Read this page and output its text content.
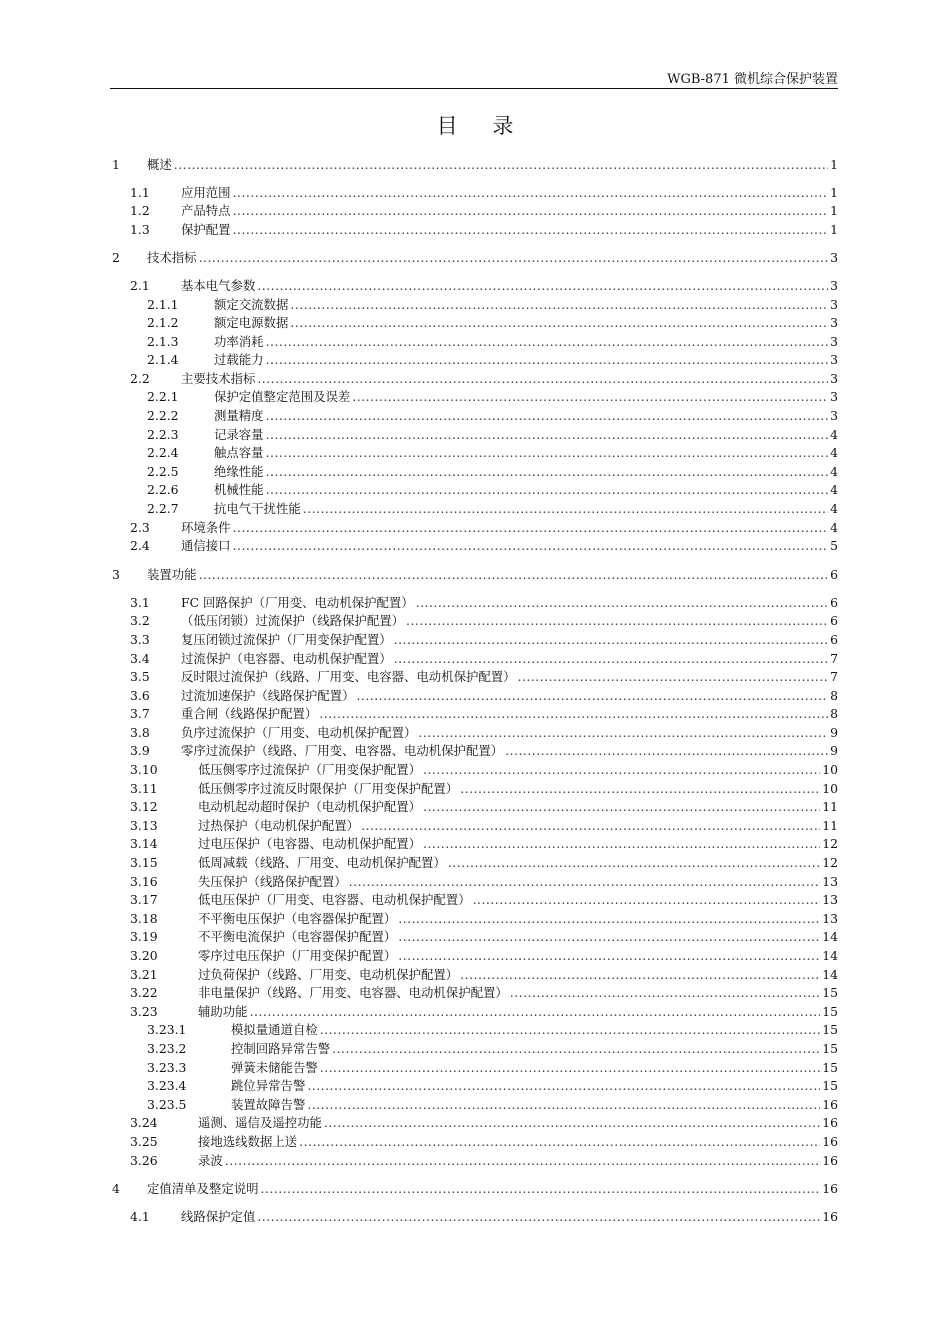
WGB-871 微机综合保护装置
目 录
1	概述 .....	1
1.1	应用范围 .....	1
1.2	产品特点 .....	1
1.3	保护配置 .....	1
2	技术指标 .....	3
2.1	基本电气参数 .....	3
2.1.1	额定交流数据 .....	3
2.1.2	额定电源数据 .....	3
2.1.3	功率消耗 .....	3
2.1.4	过载能力 .....	3
2.2	主要技术指标 .....	3
2.2.1	保护定值整定范围及误差 .....	3
2.2.2	测量精度 .....	3
2.2.3	记录容量 .....	4
2.2.4	触点容量 .....	4
2.2.5	绝缘性能 .....	4
2.2.6	机械性能 .....	4
2.2.7	抗电气干扰性能 .....	4
2.3	环境条件 .....	4
2.4	通信接口 .....	5
3	装置功能 .....	6
3.1	FC 回路保护（厂用变、电动机保护配置） .....	6
3.2	（低压闭锁）过流保护（线路保护配置） .....	6
3.3	复压闭锁过流保护（厂用变保护配置） .....	6
3.4	过流保护（电容器、电动机保护配置） .....	7
3.5	反时限过流保护（线路、厂用变、电容器、电动机保护配置） .....	7
3.6	过流加速保护（线路保护配置） .....	8
3.7	重合闸（线路保护配置） .....	8
3.8	负序过流保护（厂用变、电动机保护配置） .....	9
3.9	零序过流保护（线路、厂用变、电容器、电动机保护配置） .....	9
3.10	低压侧零序过流保护（厂用变保护配置） .....	10
3.11	低压侧零序过流反时限保护（厂用变保护配置） .....	10
3.12	电动机起动超时保护（电动机保护配置） .....	11
3.13	过热保护（电动机保护配置） .....	11
3.14	过电压保护（电容器、电动机保护配置） .....	12
3.15	低周减载（线路、厂用变、电动机保护配置） .....	12
3.16	失压保护（线路保护配置） .....	13
3.17	低电压保护（厂用变、电容器、电动机保护配置） .....	13
3.18	不平衡电压保护（电容器保护配置） .....	13
3.19	不平衡电流保护（电容器保护配置） .....	14
3.20	零序过电压保护（厂用变保护配置） .....	14
3.21	过负荷保护（线路、厂用变、电动机保护配置） .....	14
3.22	非电量保护（线路、厂用变、电容器、电动机保护配置） .....	15
3.23	辅助功能 .....	15
3.23.1	模拟量通道自检 .....	15
3.23.2	控制回路异常告警 .....	15
3.23.3	弹簧未储能告警 .....	15
3.23.4	跳位异常告警 .....	15
3.23.5	装置故障告警 .....	16
3.24	遥测、遥信及遥控功能 .....	16
3.25	接地选线数据上送 .....	16
3.26	录波 .....	16
4	定值清单及整定说明 .....	16
4.1	线路保护定值 .....	16
